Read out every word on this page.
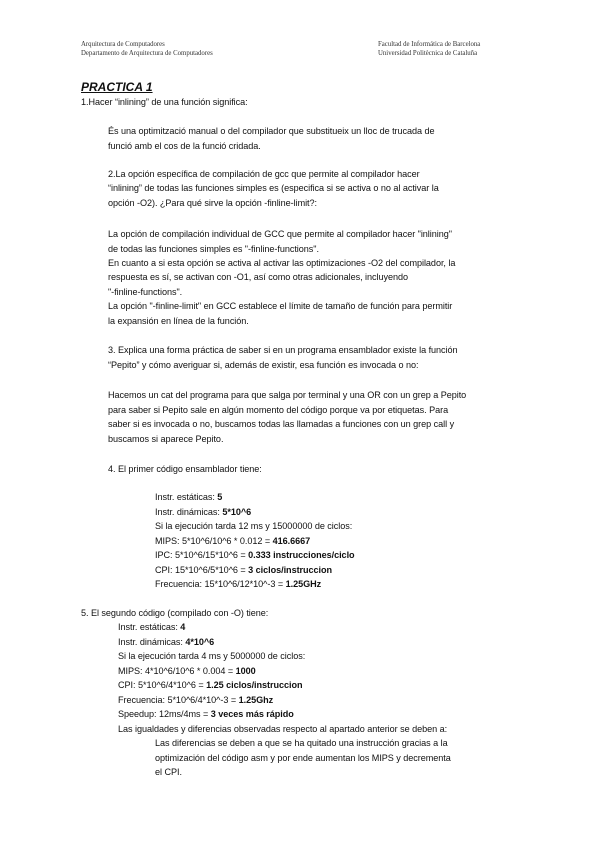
Arquitectura de Computadores
Departamento de Arquitectura de Computadores
Facultad de Informática de Barcelona
Universidad Politècnica de Cataluña
PRACTICA 1
1.Hacer “inlining” de una función significa:
És una optimització manual o del compilador que substitueix un lloc de trucada de
funció amb el cos de la funció cridada.
2.La opción específica de compilación de gcc que permite al compilador hacer
“inlining” de todas las funciones simples es (especifica si se activa o no al activar la
opción -O2). ¿Para qué sirve la opción -finline-limit?:
La opción de compilación individual de GCC que permite al compilador hacer "inlining"
de todas las funciones simples es "-finline-functions".
En cuanto a si esta opción se activa al activar las optimizaciones -O2 del compilador, la
respuesta es sí, se activan con -O1, así como otras adicionales, incluyendo
"-finline-functions".
La opción "-finline-limit" en GCC establece el límite de tamaño de función para permitir
la expansión en línea de la función.
3. Explica una forma práctica de saber si en un programa ensamblador existe la función
“Pepito” y cómo averiguar si, además de existir, esa función es invocada o no:
Hacemos un cat del programa para que salga por terminal y una OR con un grep a Pepito
para saber si Pepito sale en algún momento del código porque va por etiquetas. Para
saber si es invocada o no, buscamos todas las llamadas a funciones con un grep call y
buscamos si aparece Pepito.
4. El primer código ensamblador tiene:
Instr. estáticas: 5
Instr. dinámicas: 5*10^6
Si la ejecución tarda 12 ms y 15000000 de ciclos:
MIPS: 5*10^6/10^6 * 0.012 = 416.6667
IPC: 5*10^6/15*10^6 = 0.333 instrucciones/ciclo
CPI: 15*10^6/5*10^6 = 3 ciclos/instruccion
Frecuencia: 15*10^6/12*10^-3 = 1.25GHz
5. El segundo código (compilado con -O) tiene:
Instr. estáticas: 4
Instr. dinámicas: 4*10^6
Si la ejecución tarda 4 ms y 5000000 de ciclos:
MIPS: 4*10^6/10^6 * 0.004 = 1000
CPI: 5*10^6/4*10^6 = 1.25 ciclos/instruccion
Frecuencia: 5*10^6/4*10^-3 = 1.25Ghz
Speedup: 12ms/4ms = 3 veces más rápido
Las igualdades y diferencias observadas respecto al apartado anterior se deben a:
Las diferencias se deben a que se ha quitado una instrucción gracias a la
optimización del código asm y por ende aumentan los MIPS y decrementa
el CPI.
